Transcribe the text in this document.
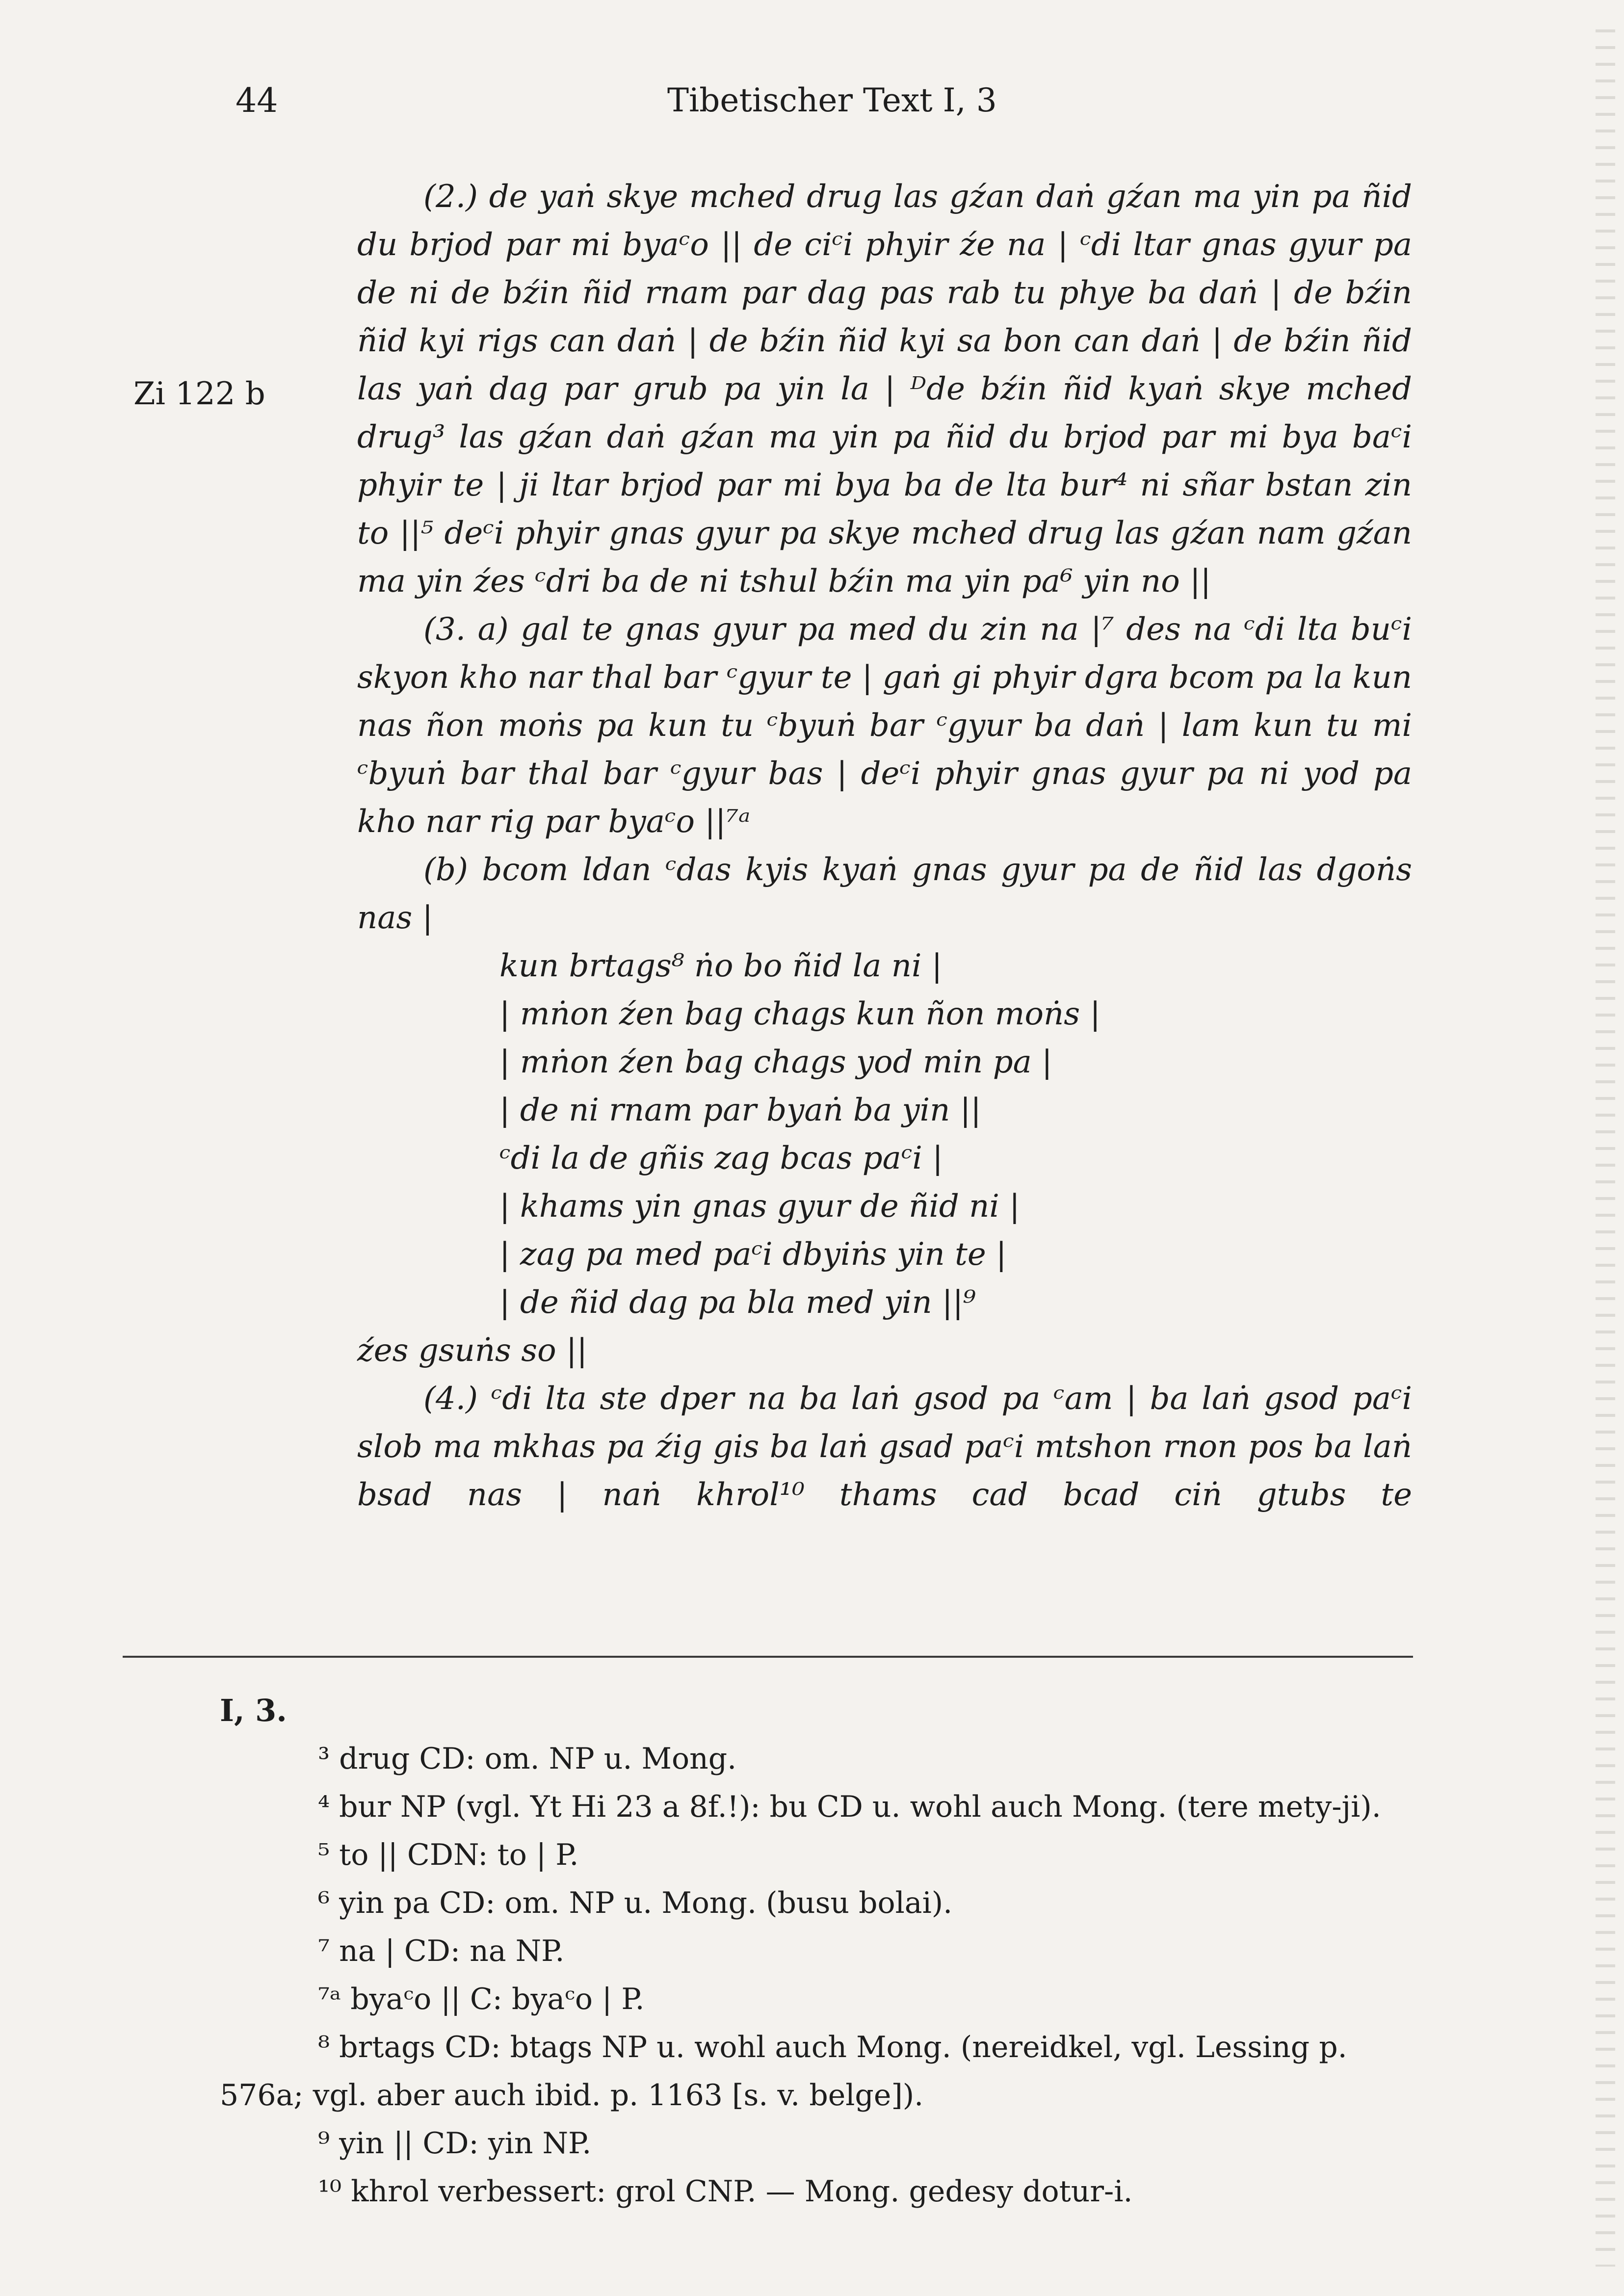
44	Tibetischer Text I, 3
Zi 122 b

(2.) de yaṅ skye mched drug las gźan daṅ gźan ma yin pa ñid du brjod par mi byaᶜo || de ciᶜi phyir źe na | ᶜdi ltar gnas gyur pa de ni de bźin ñid rnam par dag pas rab tu phye ba daṅ | de bźin ñid kyi rigs can daṅ | de bźin ñid kyi sa bon can daṅ | de bźin ñid las yaṅ dag par grub pa yin la | ᴰde bźin ñid kyaṅ skye mched drug³ las gźan daṅ gźan ma yin pa ñid du brjod par mi bya baᶜi phyir te | ji ltar brjod par mi bya ba de lta bur⁴ ni sñar bstan zin to ||⁵ deᶜi phyir gnas gyur pa skye mched drug las gźan nam gźan ma yin źes ᶜdri ba de ni tshul bźin ma yin pa⁶ yin no ||

(3. a) gal te gnas gyur pa med du zin na |⁷ des na ᶜdi lta buᶜi skyon kho nar thal bar ᶜgyur te | gaṅ gi phyir dgra bcom pa la kun nas ñon moṅs pa kun tu ᶜbyuṅ bar ᶜgyur ba daṅ | lam kun tu mi ᶜbyuṅ bar thal bar ᶜgyur bas | deᶜi phyir gnas gyur pa ni yod pa kho nar rig par byaᶜo ||⁷ᵃ

(b) bcom ldan ᶜdas kyis kyaṅ gnas gyur pa de ñid las dgoṅs nas |

kun brtags⁸ ṅo bo ñid la ni |
| mṅon źen bag chags kun ñon moṅs |
| mṅon źen bag chags yod min pa |
| de ni rnam par byaṅ ba yin ||
ᶜdi la de gñis zag bcas paᶜi |
| khams yin gnas gyur de ñid ni |
| zag pa med paᶜi dbyiṅs yin te |
| de ñid dag pa bla med yin ||⁹

źes gsuṅs so ||

(4.) ᶜdi lta ste dper na ba laṅ gsod pa ᶜam | ba laṅ gsod paᶜi slob ma mkhas pa źig gis ba laṅ gsad paᶜi mtshon rnon pos ba laṅ bsad nas | naṅ khrol¹⁰ thams cad bcad ciṅ gtubs te

I, 3.
³ drug CD: om. NP u. Mong.
⁴ bur NP (vgl. Yt Hi 23 a 8f.!): bu CD u. wohl auch Mong. (tere mety-ji).
⁵ to || CDN: to | P.
⁶ yin pa CD: om. NP u. Mong. (busu bolai).
⁷ na | CD: na NP.
⁷ᵃ byaᶜo || C: byaᶜo | P.
⁸ brtags CD: btags NP u. wohl auch Mong. (nereidkel, vgl. Lessing p. 576a; vgl. aber auch ibid. p. 1163 [s. v. belge]).
⁹ yin || CD: yin NP.
¹⁰ khrol verbessert: grol CNP. — Mong. gedesy dotur-i.
